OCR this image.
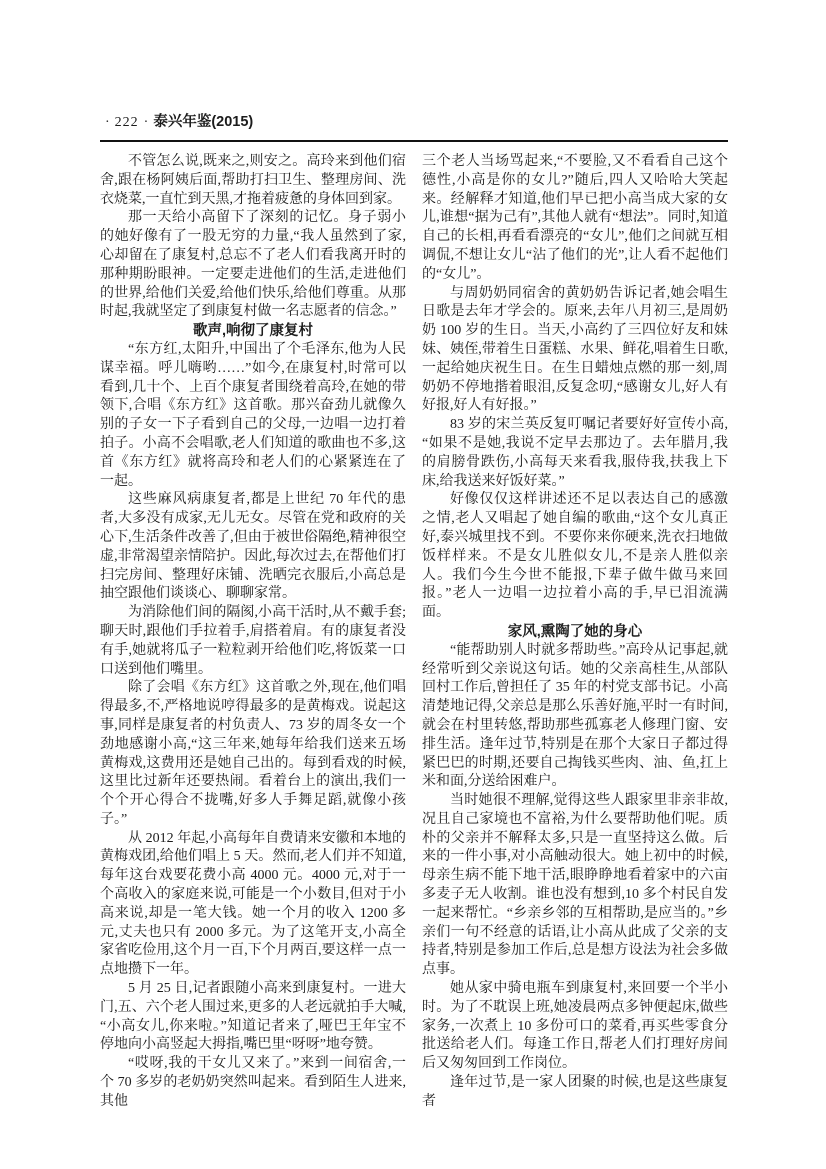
· 222 · 泰兴年鉴(2015)

不管怎么说,既来之,则安之。高玲来到他们宿舍,跟在杨阿姨后面,帮助打扫卫生、整理房间、洗衣烧菜,一直忙到天黑,才拖着疲惫的身体回到家。

那一天给小高留下了深刻的记忆。身子弱小的她好像有了一股无穷的力量,“我人虽然到了家,心却留在了康复村,总忘不了老人们看我离开时的那种期盼眼神。一定要走进他们的生活,走进他们的世界,给他们关爱,给他们快乐,给他们尊重。从那时起,我就坚定了到康复村做一名志愿者的信念。”

歌声,响彻了康复村

“东方红,太阳升,中国出了个毛泽东,他为人民谋幸福。呼儿嗨哟……”如今,在康复村,时常可以看到,几十个、上百个康复者围绕着高玲,在她的带领下,合唱《东方红》这首歌。那兴奋劲儿就像久别的子女一下子看到自己的父母,一边唱一边打着拍子。小高不会唱歌,老人们知道的歌曲也不多,这首《东方红》就将高玲和老人们的心紧紧连在了一起。

这些麻风病康复者,都是上世纪 70 年代的患者,大多没有成家,无儿无女。尽管在党和政府的关心下,生活条件改善了,但由于被世俗隔绝,精神很空虚,非常渴望亲情陪护。因此,每次过去,在帮他们打扫完房间、整理好床铺、洗晒完衣服后,小高总是抽空跟他们谈谈心、聊聊家常。

为消除他们间的隔阂,小高干活时,从不戴手套;聊天时,跟他们手拉着手,肩搭着肩。有的康复者没有手,她就将瓜子一粒粒剥开给他们吃,将饭菜一口口送到他们嘴里。

除了会唱《东方红》这首歌之外,现在,他们唱得最多,不,严格地说哼得最多的是黄梅戏。说起这事,同样是康复者的村负责人、73 岁的周冬女一个劲地感谢小高,“这三年来,她每年给我们送来五场黄梅戏,这费用还是她自己出的。每到看戏的时候,这里比过新年还要热闹。看着台上的演出,我们一个个开心得合不拢嘴,好多人手舞足蹈,就像小孩子。”

从 2012 年起,小高每年自费请来安徽和本地的黄梅戏团,给他们唱上 5 天。然而,老人们并不知道,每年这台戏要花费小高 4000 元。4000 元,对于一个高收入的家庭来说,可能是一个小数目,但对于小高来说,却是一笔大钱。她一个月的收入 1200 多元,丈夫也只有 2000 多元。为了这笔开支,小高全家省吃俭用,这个月一百,下个月两百,要这样一点一点地攒下一年。

5 月 25 日,记者跟随小高来到康复村。一进大门,五、六个老人围过来,更多的人老远就拍手大喊,“小高女儿,你来啦。”知道记者来了,哑巴王年宝不停地向小高竖起大拇指,嘴巴里“呀呀”地夸赞。

“哎呀,我的干女儿又来了。”来到一间宿舍,一个 70 多岁的老奶奶突然叫起来。看到陌生人进来,其他

三个老人当场骂起来,“不要脸,又不看看自己这个德性,小高是你的女儿?”随后,四人又哈哈大笑起来。经解释才知道,他们早已把小高当成大家的女儿,谁想“据为己有”,其他人就有“想法”。同时,知道自己的长相,再看看漂亮的“女儿”,他们之间就互相调侃,不想让女儿“沾了他们的光”,让人看不起他们的“女儿”。

与周奶奶同宿舍的黄奶奶告诉记者,她会唱生日歌是去年才学会的。原来,去年八月初三,是周奶奶 100 岁的生日。当天,小高约了三四位好友和妹妹、姨侄,带着生日蛋糕、水果、鲜花,唱着生日歌,一起给她庆祝生日。在生日蜡烛点燃的那一刻,周奶奶不停地揩着眼泪,反复念叨,“感谢女儿,好人有好报,好人有好报。”

83 岁的宋兰英反复叮嘱记者要好好宣传小高,“如果不是她,我说不定早去那边了。去年腊月,我的肩膀骨跌伤,小高每天来看我,服侍我,扶我上下床,给我送来好饭好菜。”

好像仅仅这样讲述还不足以表达自己的感激之情,老人又唱起了她自编的歌曲,“这个女儿真正好,泰兴城里找不到。不要你来你硬来,洗衣扫地做饭样样来。不是女儿胜似女儿,不是亲人胜似亲人。我们今生今世不能报,下辈子做牛做马来回报。”老人一边唱一边拉着小高的手,早已泪流满面。

家风,熏陶了她的身心

“能帮助别人时就多帮助些。”高玲从记事起,就经常听到父亲说这句话。她的父亲高桂生,从部队回村工作后,曾担任了 35 年的村党支部书记。小高清楚地记得,父亲总是那么乐善好施,平时一有时间,就会在村里转悠,帮助那些孤寡老人修理门窗、安排生活。逢年过节,特别是在那个大家日子都过得紧巴巴的时期,还要自己掏钱买些肉、油、鱼,扛上米和面,分送给困难户。

当时她很不理解,觉得这些人跟家里非亲非故,况且自己家境也不富裕,为什么要帮助他们呢。质朴的父亲并不解释太多,只是一直坚持这么做。后来的一件小事,对小高触动很大。她上初中的时候,母亲生病不能下地干活,眼睁睁地看着家中的六亩多麦子无人收割。谁也没有想到,10 多个村民自发一起来帮忙。“乡亲乡邻的互相帮助,是应当的。”乡亲们一句不经意的话语,让小高从此成了父亲的支持者,特别是参加工作后,总是想方设法为社会多做点事。

她从家中骑电瓶车到康复村,来回要一个半小时。为了不耽误上班,她凌晨两点多钟便起床,做些家务,一次煮上 10 多份可口的菜肴,再买些零食分批送给老人们。每逢工作日,帮老人们打理好房间后又匆匆回到工作岗位。

逢年过节,是一家人团聚的时候,也是这些康复者
